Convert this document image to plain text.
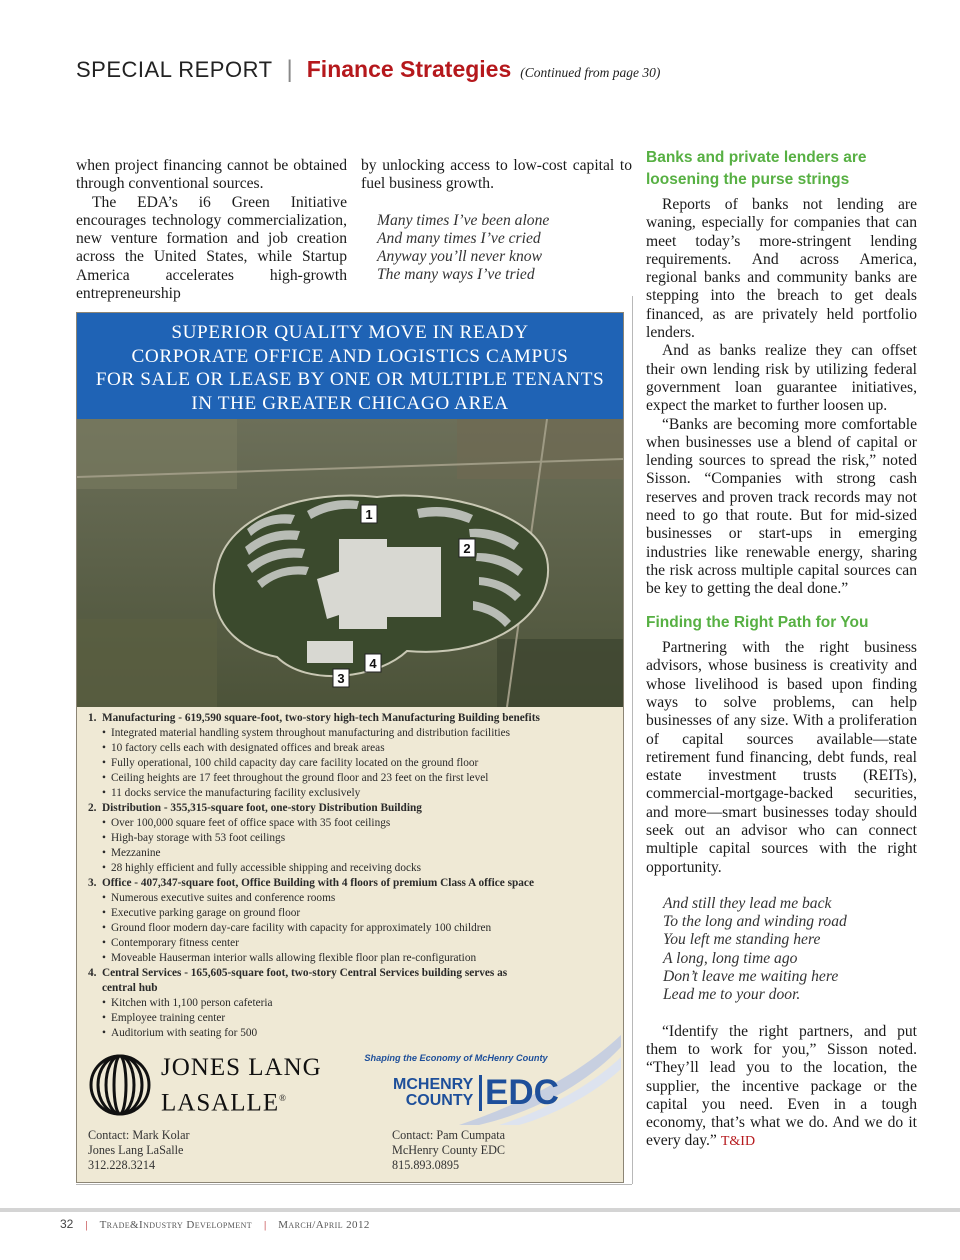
SPECIAL REPORT | Finance Strategies (Continued from page 30)

when project financing cannot be obtained through conventional sources.

The EDA’s i6 Green Initiative encourages technology commercialization, new venture formation and job creation across the United States, while Startup America accelerates high-growth entrepreneurship

by unlocking access to low-cost capital to fuel business growth.

Many times I’ve been alone
And many times I’ve cried
Anyway you’ll never know
The many ways I’ve tried

Banks and private lenders are loosening the purse strings

Reports of banks not lending are waning, especially for companies that can meet today’s more-stringent lending requirements. And across America, regional banks and community banks are stepping into the breach to get deals financed, as are privately held portfolio lenders.

And as banks realize they can offset their own lending risk by utilizing federal government loan guarantee initiatives, expect the market to further loosen up.

“Banks are becoming more comfortable when businesses use a blend of capital or lending sources to spread the risk,” noted Sisson. “Companies with strong cash reserves and proven track records may not need to go that route. But for mid-sized businesses or start-ups in emerging industries like renewable energy, sharing the risk across multiple capital sources can be key to getting the deal done.”

Finding the Right Path for You

Partnering with the right business advisors, whose business is creativity and whose livelihood is based upon finding ways to solve problems, can help businesses of any size. With a proliferation of capital sources available—state retirement fund financing, debt funds, real estate investment trusts (REITs), commercial-mortgage-backed securities, and more—smart businesses today should seek out an advisor who can connect multiple capital sources with the right opportunity.

And still they lead me back
To the long and winding road
You left me standing here
A long, long time ago
Don’t leave me waiting here
Lead me to your door.

“Identify the right partners, and put them to work for you,” Sisson noted. “They’ll lead you to the location, the supplier, the incentive package or the capital you need. Even in a tough economy, that’s what we do. And we do it every day.” T&ID

SUPERIOR QUALITY MOVE IN READY
CORPORATE OFFICE AND LOGISTICS CAMPUS
FOR SALE OR LEASE BY ONE OR MULTIPLE TENANTS
IN THE GREATER CHICAGO AREA
1
2
3
4
1. Manufacturing - 619,590 square-foot, two-story high-tech Manufacturing Building benefits
• Integrated material handling system throughout manufacturing and distribution facilities
• 10 factory cells each with designated offices and break areas
• Fully operational, 100 child capacity day care facility located on the ground floor
• Ceiling heights are 17 feet throughout the ground floor and 23 feet on the first level
• 11 docks service the manufacturing facility exclusively
2. Distribution - 355,315-square foot, one-story Distribution Building
• Over 100,000 square feet of office space with 35 foot ceilings
• High-bay storage with 53 foot ceilings
• Mezzanine
• 28 highly efficient and fully accessible shipping and receiving docks
3. Office - 407,347-square foot, Office Building with 4 floors of premium Class A office space
• Numerous executive suites and conference rooms
• Executive parking garage on ground floor
• Ground floor modern day-care facility with capacity for approximately 100 children
• Contemporary fitness center
• Moveable Hauserman interior walls allowing flexible floor plan re-configuration
4. Central Services - 165,605-square foot, two-story Central Services building serves as
central hub
• Kitchen with 1,100 person cafeteria
• Employee training center
• Auditorium with seating for 500
JONES LANG
LASALLE®
Shaping the Economy of McHenry County
MCHENRY
COUNTY EDC
Contact: Mark Kolar
Jones Lang LaSalle
312.228.3214
Contact: Pam Cumpata
McHenry County EDC
815.893.0895
32 | Trade&Industry Development | March/April 2012
